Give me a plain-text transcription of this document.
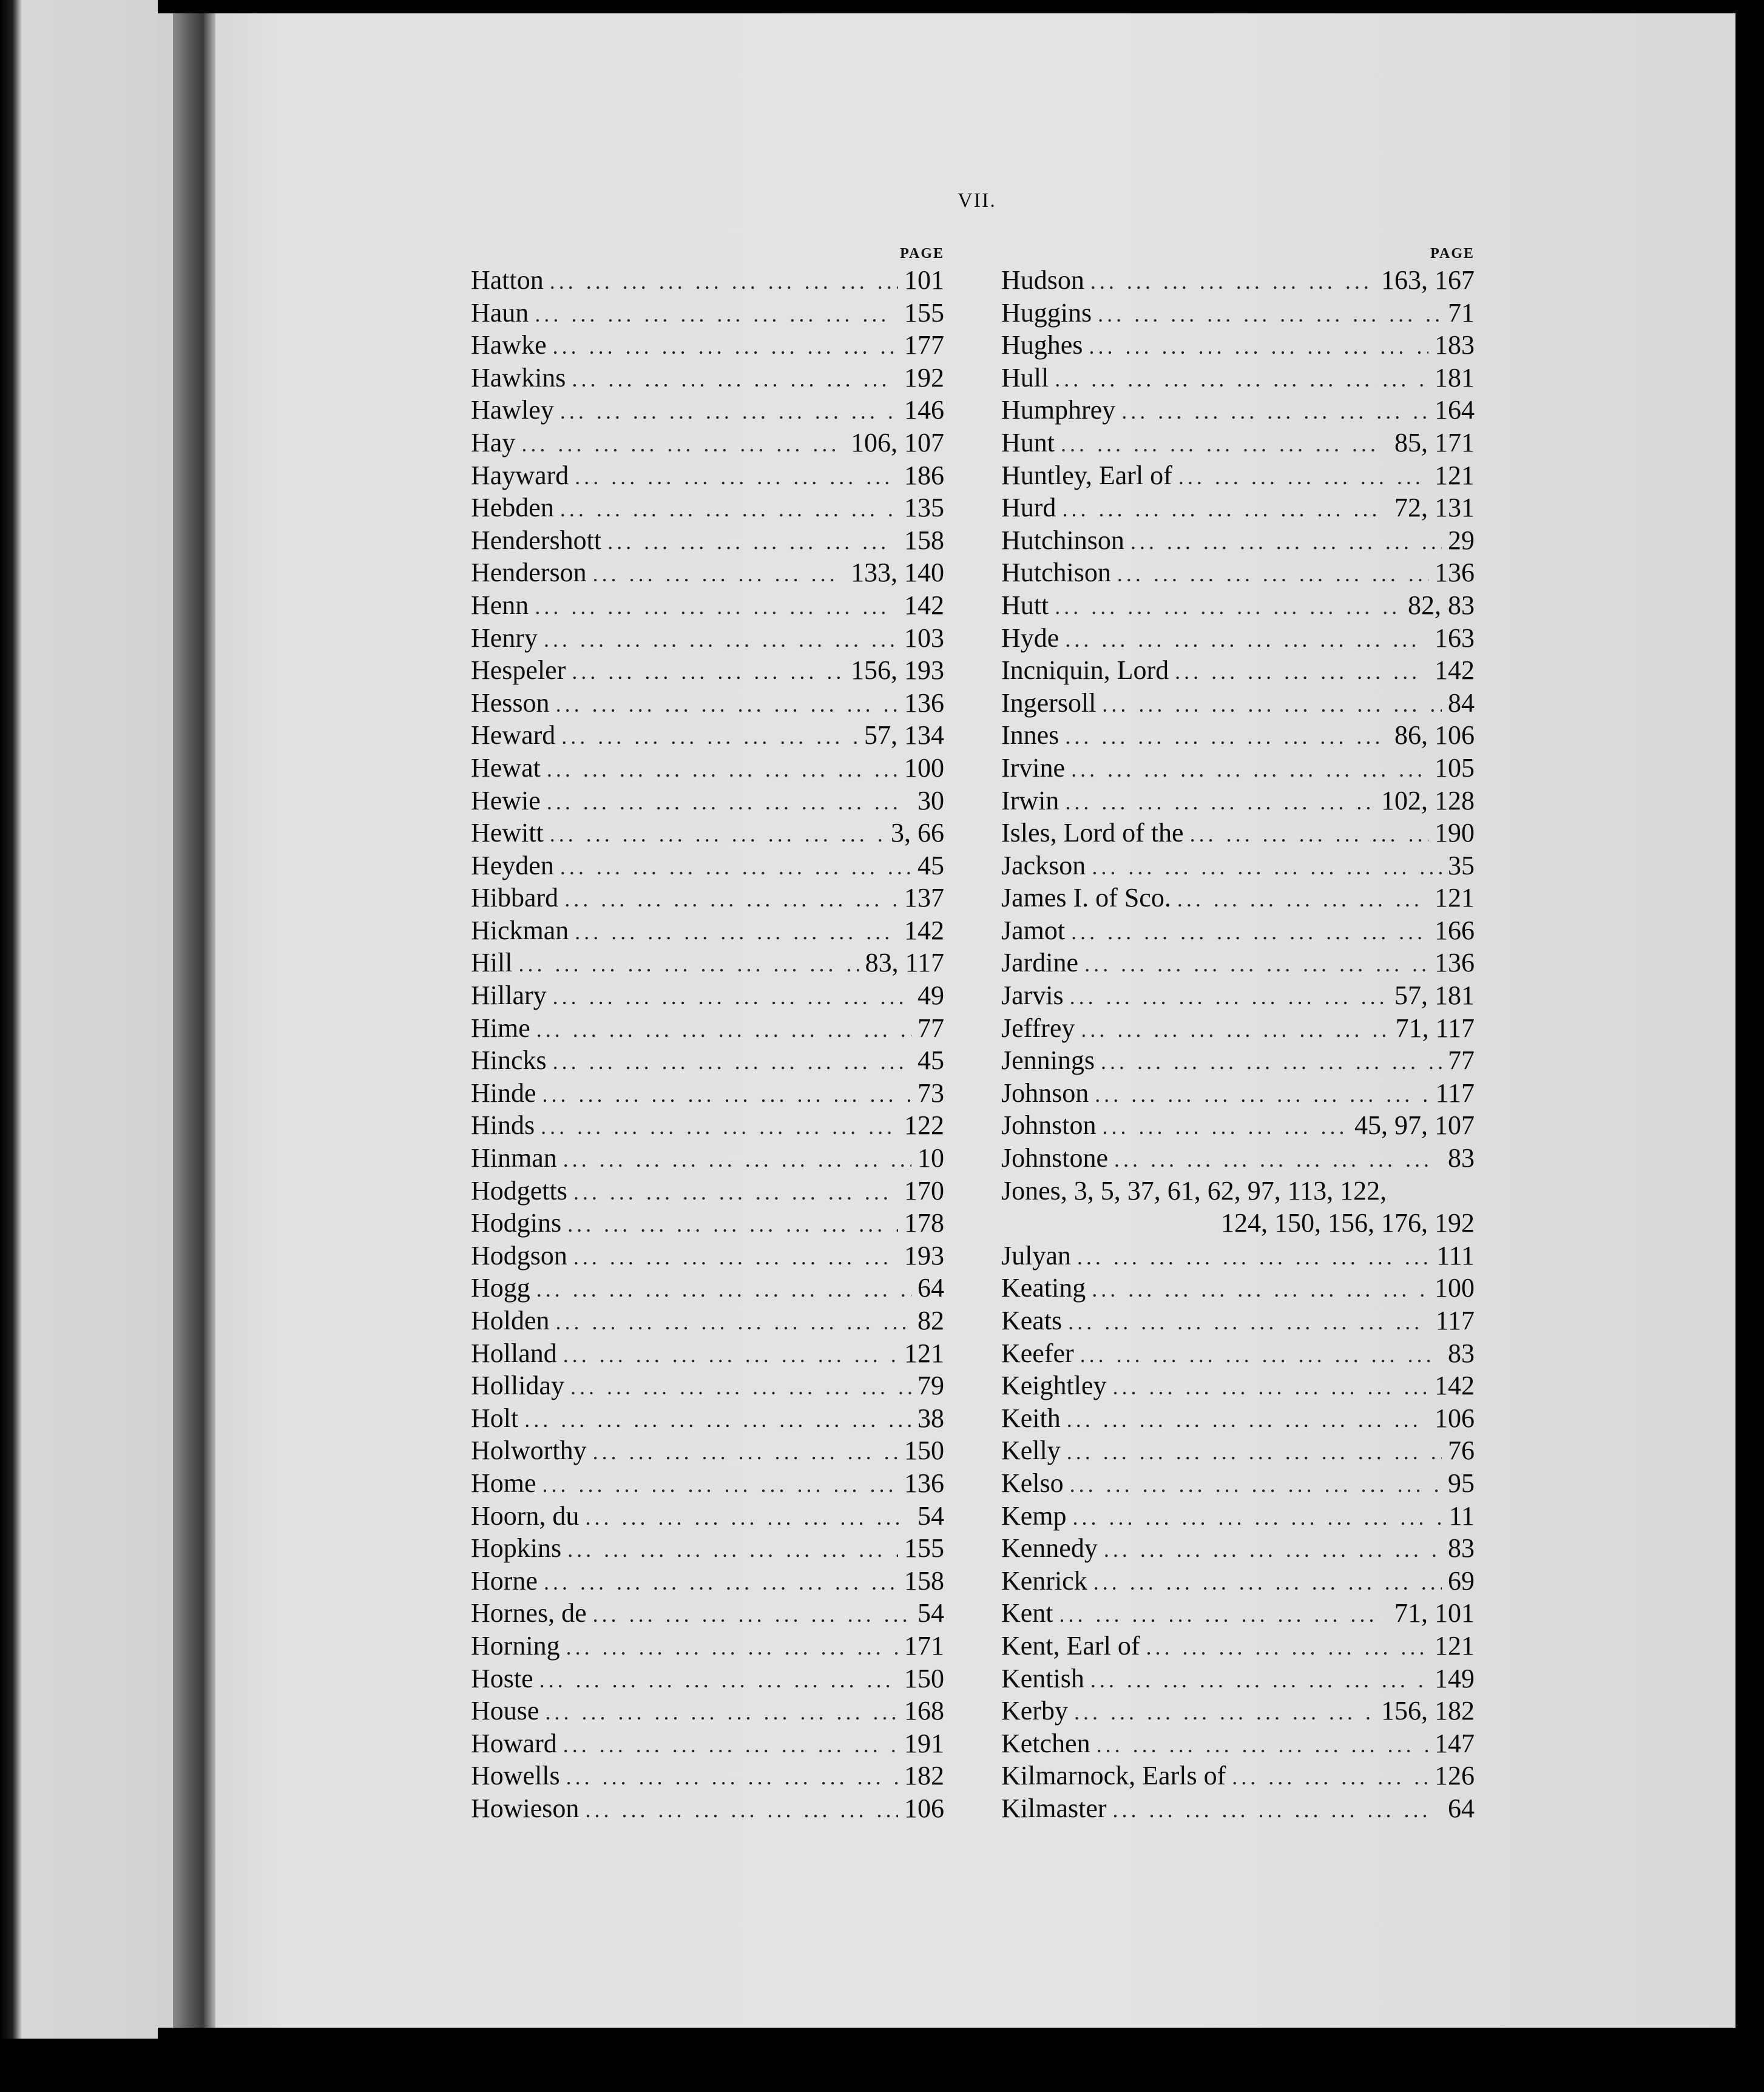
VII.
PAGE
Hatton ... .	101
Haun ... .	155
Hawke ... .	177
Hawkins ... .	192
Hawley ... .	146
Hay ... .	106, 107
Hayward ... .	186
Hebden ... .	135
Hendershott ... .	158
Henderson ... .	133, 140
Henn ... .	142
Henry ... .	103
Hespeler ... .	156, 193
Hesson ... .	136
Heward ... .	57, 134
Hewat ... .	100
Hewie ... .	30
Hewitt ... .	3, 66
Heyden ... .	45
Hibbard ... .	137
Hickman ... .	142
Hill ... .	83, 117
Hillary ... .	49
Hime ... .	77
Hincks ... .	45
Hinde ... .	73
Hinds ... .	122
Hinman ... .	10
Hodgetts ... .	170
Hodgins ... .	178
Hodgson ... .	193
Hogg ... .	64
Holden ... .	82
Holland ... .	121
Holliday ... .	79
Holt ... .	38
Holworthy ... .	150
Home ... .	136
Hoorn, du ... .	54
Hopkins ... .	155
Horne ... .	158
Hornes, de ... .	54
Horning ... .	171
Hoste ... .	150
House ... .	168
Howard ... .	191
Howells ... .	182
Howieson ... .	106
PAGE
Hudson ... .	163, 167
Huggins ... .	71
Hughes ... .	183
Hull ... .	181
Humphrey ... .	164
Hunt ... .	85, 171
Huntley, Earl of ... .	121
Hurd ... .	72, 131
Hutchinson ... .	29
Hutchison ... .	136
Hutt ... .	82, 83
Hyde ... .	163
Incniquin, Lord ... .	142
Ingersoll ... .	84
Innes ... .	86, 106
Irvine ... .	105
Irwin ... .	102, 128
Isles, Lord of the ... .	190
Jackson ... .	35
James I. of Sco. ... .	121
Jamot ... .	166
Jardine ... .	136
Jarvis ... .	57, 181
Jeffrey ... .	71, 117
Jennings ... .	77
Johnson ... .	117
Johnston ... .	45, 97, 107
Johnstone ... .	83
Jones, 3, 5, 37, 61, 62, 97, 113, 122,
124, 150, 156, 176, 192
Julyan ... .	111
Keating ... .	100
Keats ... .	117
Keefer ... .	83
Keightley ... .	142
Keith ... .	106
Kelly ... .	76
Kelso ... .	95
Kemp ... .	11
Kennedy ... .	83
Kenrick ... .	69
Kent ... .	71, 101
Kent, Earl of ... .	121
Kentish ... .	149
Kerby ... .	156, 182
Ketchen ... .	147
Kilmarnock, Earls of ... .	126
Kilmaster ... .	64
